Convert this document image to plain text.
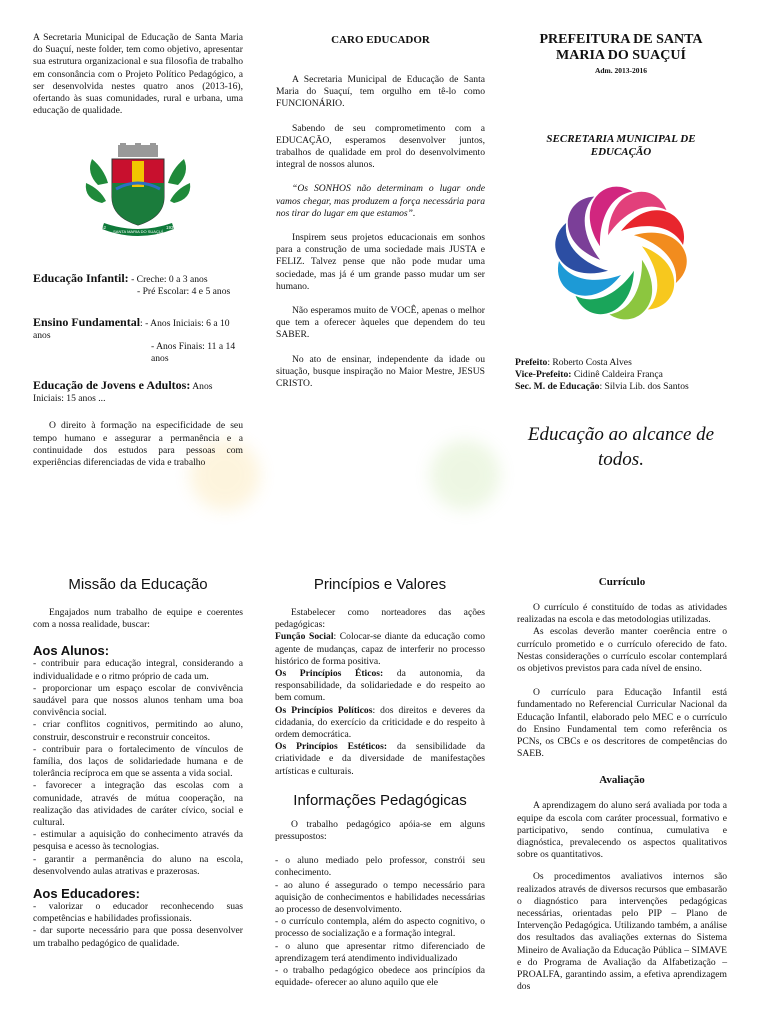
A Secretaria Municipal de Educação de Santa Maria do Suaçuí, neste folder, tem como objetivo, apresentar sua estrutura organizacional e sua filosofia de trabalho em consonância com o Projeto Político Pedagógico, a ser desenvolvida nestes quatro anos (2013-16), ofertando às suas comunidades, rural e urbana, uma educação de qualidade.

SANTA MARIA DO SUAÇUÍ
1862	1938
Educação Infantil: - Creche: 0 a 3 anos
- Pré Escolar: 4 e 5 anos
Ensino Fundamental: - Anos Iniciais: 6 a 10 anos
- Anos Finais: 11 a 14 anos
Educação de Jovens e Adultos: Anos Iniciais: 15 anos ...

O direito à formação na especificidade de seu tempo humano e assegurar a permanência e a continuidade dos estudos para pessoas com experiências diferenciadas de vida e trabalho

CARO EDUCADOR

A Secretaria Municipal de Educação de Santa Maria do Suaçuí, tem orgulho em tê-lo como FUNCIONÁRIO.

Sabendo de seu comprometimento com a EDUCAÇÃO, esperamos desenvolver juntos, trabalhos de qualidade em prol do desenvolvimento integral de nossos alunos.

“Os SONHOS não determinam o lugar onde vamos chegar, mas produzem a força necessária para nos tirar do lugar em que estamos”.

Inspirem seus projetos educacionais em sonhos para a construção de uma sociedade mais JUSTA e FELIZ. Talvez pense que não pode mudar uma sociedade, mas já é um grande passo mudar um ser humano.

Não esperamos muito de VOCÊ, apenas o melhor que tem a oferecer àqueles que dependem do teu SABER.

No ato de ensinar, independente da idade ou situação, busque inspiração no Maior Mestre, JESUS CRISTO.

PREFEITURA DE SANTA MARIA DO SUAÇUÍ
Adm. 2013-2016
SECRETARIA MUNICIPAL DE EDUCAÇÃO
Prefeito: Roberto Costa Alves
Vice-Prefeito: Cidinê Caldeira França
Sec. M. de Educação: Silvia Lib. dos Santos
Educação ao alcance de todos.
Missão da Educação

Engajados num trabalho de equipe e coerentes com a nossa realidade, buscar:

Aos Alunos:

- contribuir para educação integral, considerando a individualidade e o ritmo próprio de cada um.

- proporcionar um espaço escolar de convivência saudável para que nossos alunos tenham uma boa convivência social.

- criar conflitos cognitivos, permitindo ao aluno, construir, desconstruir e reconstruir conceitos.

- contribuir para o fortalecimento de vínculos de família, dos laços de solidariedade humana e de tolerância recíproca em que se assenta a vida social.

- favorecer a integração das escolas com a comunidade, através de mútua cooperação, na realização das atividades de caráter cívico, social e cultural.

- estimular a aquisição do conhecimento através da pesquisa e acesso às tecnologias.

- garantir a permanência do aluno na escola, desenvolvendo aulas atrativas e prazerosas.

Aos Educadores:

- valorizar o educador reconhecendo suas competências e habilidades profissionais.

- dar suporte necessário para que possa desenvolver um trabalho pedagógico de qualidade.

Princípios e Valores

Estabelecer como norteadores das ações pedagógicas:

Função Social: Colocar-se diante da educação como agente de mudanças, capaz de interferir no processo histórico de forma positiva.

Os Princípios Éticos: da autonomia, da responsabilidade, da solidariedade e do respeito ao bem comum.

Os Princípios Políticos: dos direitos e deveres da cidadania, do exercício da criticidade e do respeito à ordem democrática.

Os Princípios Estéticos: da sensibilidade da criatividade e da diversidade de manifestações artísticas e culturais.

Informações Pedagógicas

O trabalho pedagógico apóia-se em alguns pressupostos:

- o aluno mediado pelo professor, constrói seu conhecimento.

- ao aluno é assegurado o tempo necessário para aquisição de conhecimentos e habilidades necessárias ao processo de desenvolvimento.

- o currículo contempla, além do aspecto cognitivo, o processo de socialização e a formação integral.

- o aluno que apresentar ritmo diferenciado de aprendizagem terá atendimento individualizado

- o trabalho pedagógico obedece aos princípios da equidade- oferecer ao aluno aquilo que ele

Currículo

O currículo é constituído de todas as atividades realizadas na escola e das metodologias utilizadas.

As escolas deverão manter coerência entre o currículo prometido e o currículo oferecido de fato. Nestas considerações o currículo escolar contemplará os objetivos previstos para cada nível de ensino.

O currículo para Educação Infantil está fundamentado no Referencial Curricular Nacional da Educação Infantil, elaborado pelo MEC e o currículo do Ensino Fundamental tem como referência os PCNs, os CBCs e os descritores de competências do SAEB.

Avaliação

A aprendizagem do aluno será avaliada por toda a equipe da escola com caráter processual, formativo e participativo, sendo contínua, cumulativa e diagnóstica, prevalecendo os aspectos qualitativos sobre os quantitativos.

Os procedimentos avaliativos internos são realizados através de diversos recursos que embasarão o diagnóstico para intervenções pedagógicas necessárias, orientadas pelo PIP – Plano de Intervenção Pedagógica. Utilizando também, a análise dos resultados das avaliações externas do Sistema Mineiro de Avaliação da Educação Pública – SIMAVE e do Programa de Avaliação da Alfabetização – PROALFA, garantindo assim, a efetiva aprendizagem dos
